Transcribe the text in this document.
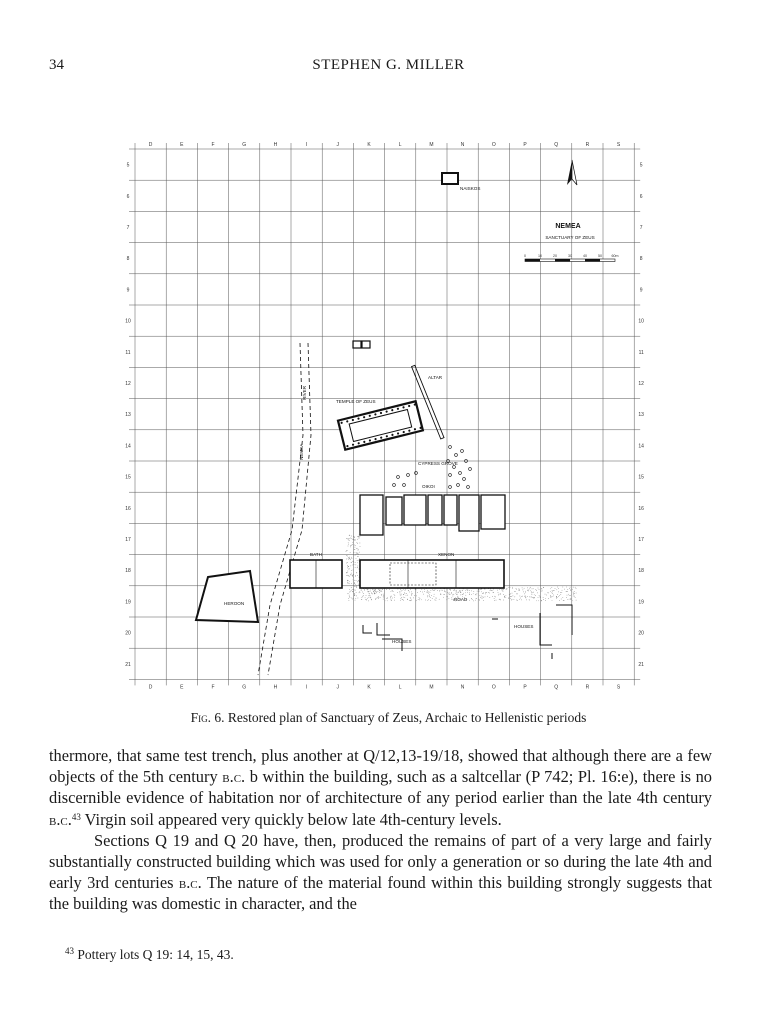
34	STEPHEN G. MILLER
D
D
E
E
F
F
G
G
H
H
I
I
J
J
K
K
L
L
M
M
N
N
O
O
P
P
Q
Q
R
R
S
S
5	5
6	6
7	7
8	8
9	9
10	10
11	11
12	12
13	13
14	14
15	15
16	16
17	17
18	18
19	19
20	20
21	21
NEMEA
SANCTUARY OF ZEUS
0	10	20	30	40	50	60m
NAISKOS
RIVER
NEMEA
ALTAR
TEMPLE OF ZEUS
CYPRESS GROVE
OIKOI
BATH	XENON
ROAD
HEROON
HOUSES
HOUSES
Fig. 6. Restored plan of Sanctuary of Zeus, Archaic to Hellenistic periods

thermore, that same test trench, plus another at Q/12,13-19/18, showed that although there are a few objects of the 5th century b.c. b within the building, such as a saltcellar (P 742; Pl. 16:e), there is no discernible evidence of habitation nor of architecture of any period earlier than the late 4th century b.c.$^{43}$ Virgin soil appeared very quickly below late 4th-century levels.

Sections Q 19 and Q 20 have, then, produced the remains of part of a very large and fairly substantially constructed building which was used for only a generation or so during the late 4th and early 3rd centuries b.c. The nature of the material found within this building strongly suggests that the building was domestic in character, and the

$^{43}$ Pottery lots Q 19: 14, 15, 43.
